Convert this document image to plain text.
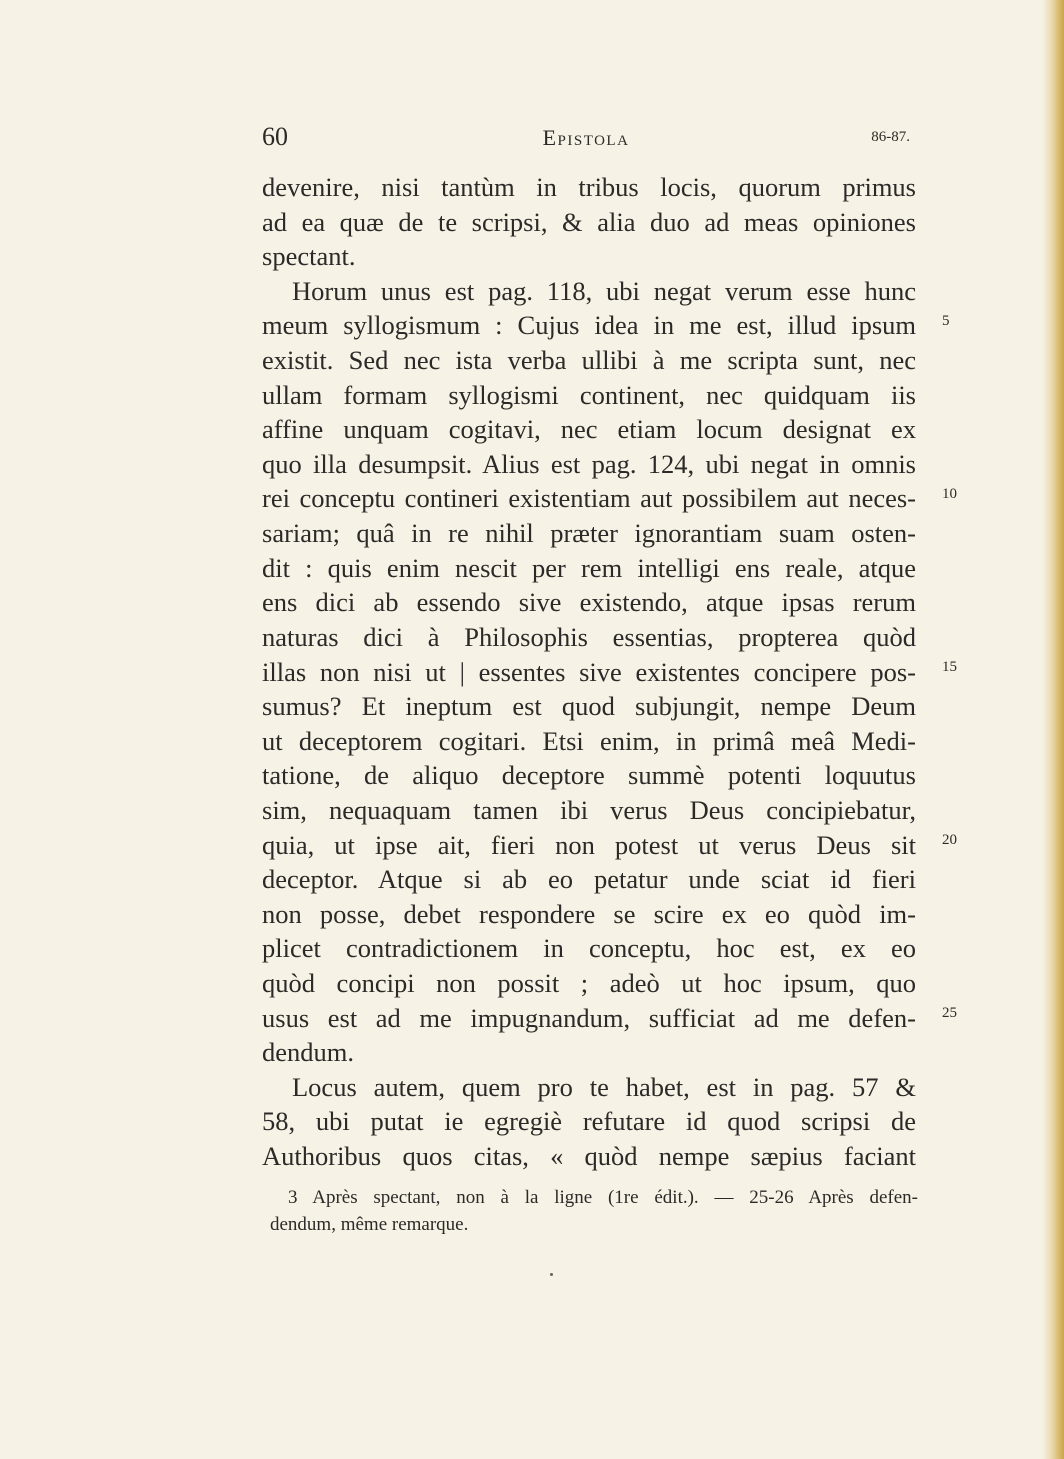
60	Epistola	86-87.
devenire, nisi tantùm in tribus locis, quorum primus
ad ea quæ de te scripsi, & alia duo ad meas opiniones
spectant.
Horum unus est pag. 118, ubi negat verum esse hunc
meum syllogismum : Cujus idea in me est, illud ipsum
existit. Sed nec ista verba ullibi à me scripta sunt, nec
ullam formam syllogismi continent, nec quidquam iis
affine unquam cogitavi, nec etiam locum designat ex
quo illa desumpsit. Alius est pag. 124, ubi negat in omnis
rei conceptu contineri existentiam aut possibilem aut neces-
sariam; quâ in re nihil præter ignorantiam suam osten-
dit : quis enim nescit per rem intelligi ens reale, atque
ens dici ab essendo sive existendo, atque ipsas rerum
naturas dici à Philosophis essentias, propterea quòd
illas non nisi ut | essentes sive existentes concipere pos-
sumus? Et ineptum est quod subjungit, nempe Deum
ut deceptorem cogitari. Etsi enim, in primâ meâ Medi-
tatione, de aliquo deceptore summè potenti loquutus
sim, nequaquam tamen ibi verus Deus concipiebatur,
quia, ut ipse ait, fieri non potest ut verus Deus sit
deceptor. Atque si ab eo petatur unde sciat id fieri
non posse, debet respondere se scire ex eo quòd im-
plicet contradictionem in conceptu, hoc est, ex eo
quòd concipi non possit ; adeò ut hoc ipsum, quo
usus est ad me impugnandum, sufficiat ad me defen-
dendum.
Locus autem, quem pro te habet, est in pag. 57 &
58, ubi putat ie egregiè refutare id quod scripsi de
Authoribus quos citas, « quòd nempe sæpius faciant
5
10
15
20
25
3 Après spectant, non à la ligne (1re édit.). — 25-26 Après defen-
dendum, même remarque.
